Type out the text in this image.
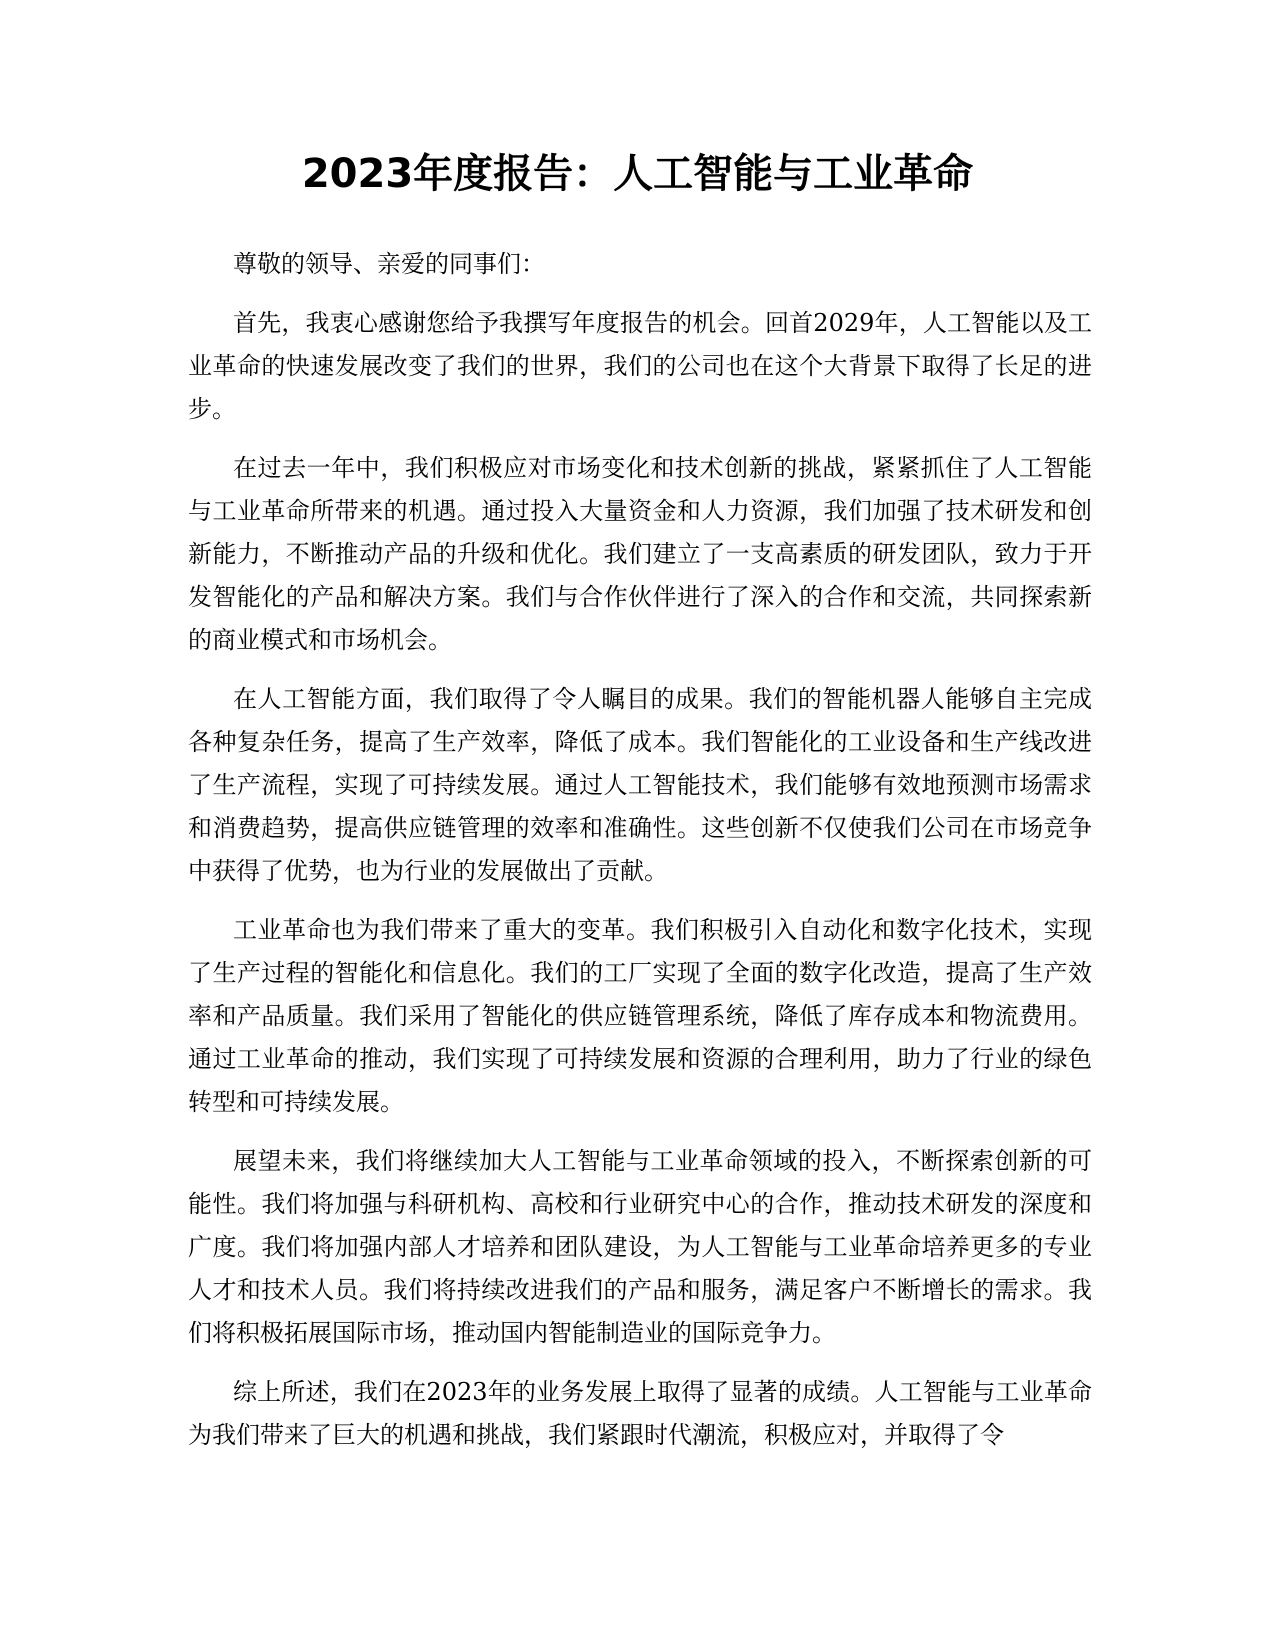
2023年度报告：人工智能与工业革命

尊敬的领导、亲爱的同事们：

首先，我衷心感谢您给予我撰写年度报告的机会。回首2029年，人工智能以及工业革命的快速发展改变了我们的世界，我们的公司也在这个大背景下取得了长足的进步。

在过去一年中，我们积极应对市场变化和技术创新的挑战，紧紧抓住了人工智能与工业革命所带来的机遇。通过投入大量资金和人力资源，我们加强了技术研发和创新能力，不断推动产品的升级和优化。我们建立了一支高素质的研发团队，致力于开发智能化的产品和解决方案。我们与合作伙伴进行了深入的合作和交流，共同探索新的商业模式和市场机会。

在人工智能方面，我们取得了令人瞩目的成果。我们的智能机器人能够自主完成各种复杂任务，提高了生产效率，降低了成本。我们智能化的工业设备和生产线改进了生产流程，实现了可持续发展。通过人工智能技术，我们能够有效地预测市场需求和消费趋势，提高供应链管理的效率和准确性。这些创新不仅使我们公司在市场竞争中获得了优势，也为行业的发展做出了贡献。

工业革命也为我们带来了重大的变革。我们积极引入自动化和数字化技术，实现了生产过程的智能化和信息化。我们的工厂实现了全面的数字化改造，提高了生产效率和产品质量。我们采用了智能化的供应链管理系统，降低了库存成本和物流费用。通过工业革命的推动，我们实现了可持续发展和资源的合理利用，助力了行业的绿色转型和可持续发展。

展望未来，我们将继续加大人工智能与工业革命领域的投入，不断探索创新的可能性。我们将加强与科研机构、高校和行业研究中心的合作，推动技术研发的深度和广度。我们将加强内部人才培养和团队建设，为人工智能与工业革命培养更多的专业人才和技术人员。我们将持续改进我们的产品和服务，满足客户不断增长的需求。我们将积极拓展国际市场，推动国内智能制造业的国际竞争力。

综上所述，我们在2023年的业务发展上取得了显著的成绩。人工智能与工业革命为我们带来了巨大的机遇和挑战，我们紧跟时代潮流，积极应对，并取得了令
